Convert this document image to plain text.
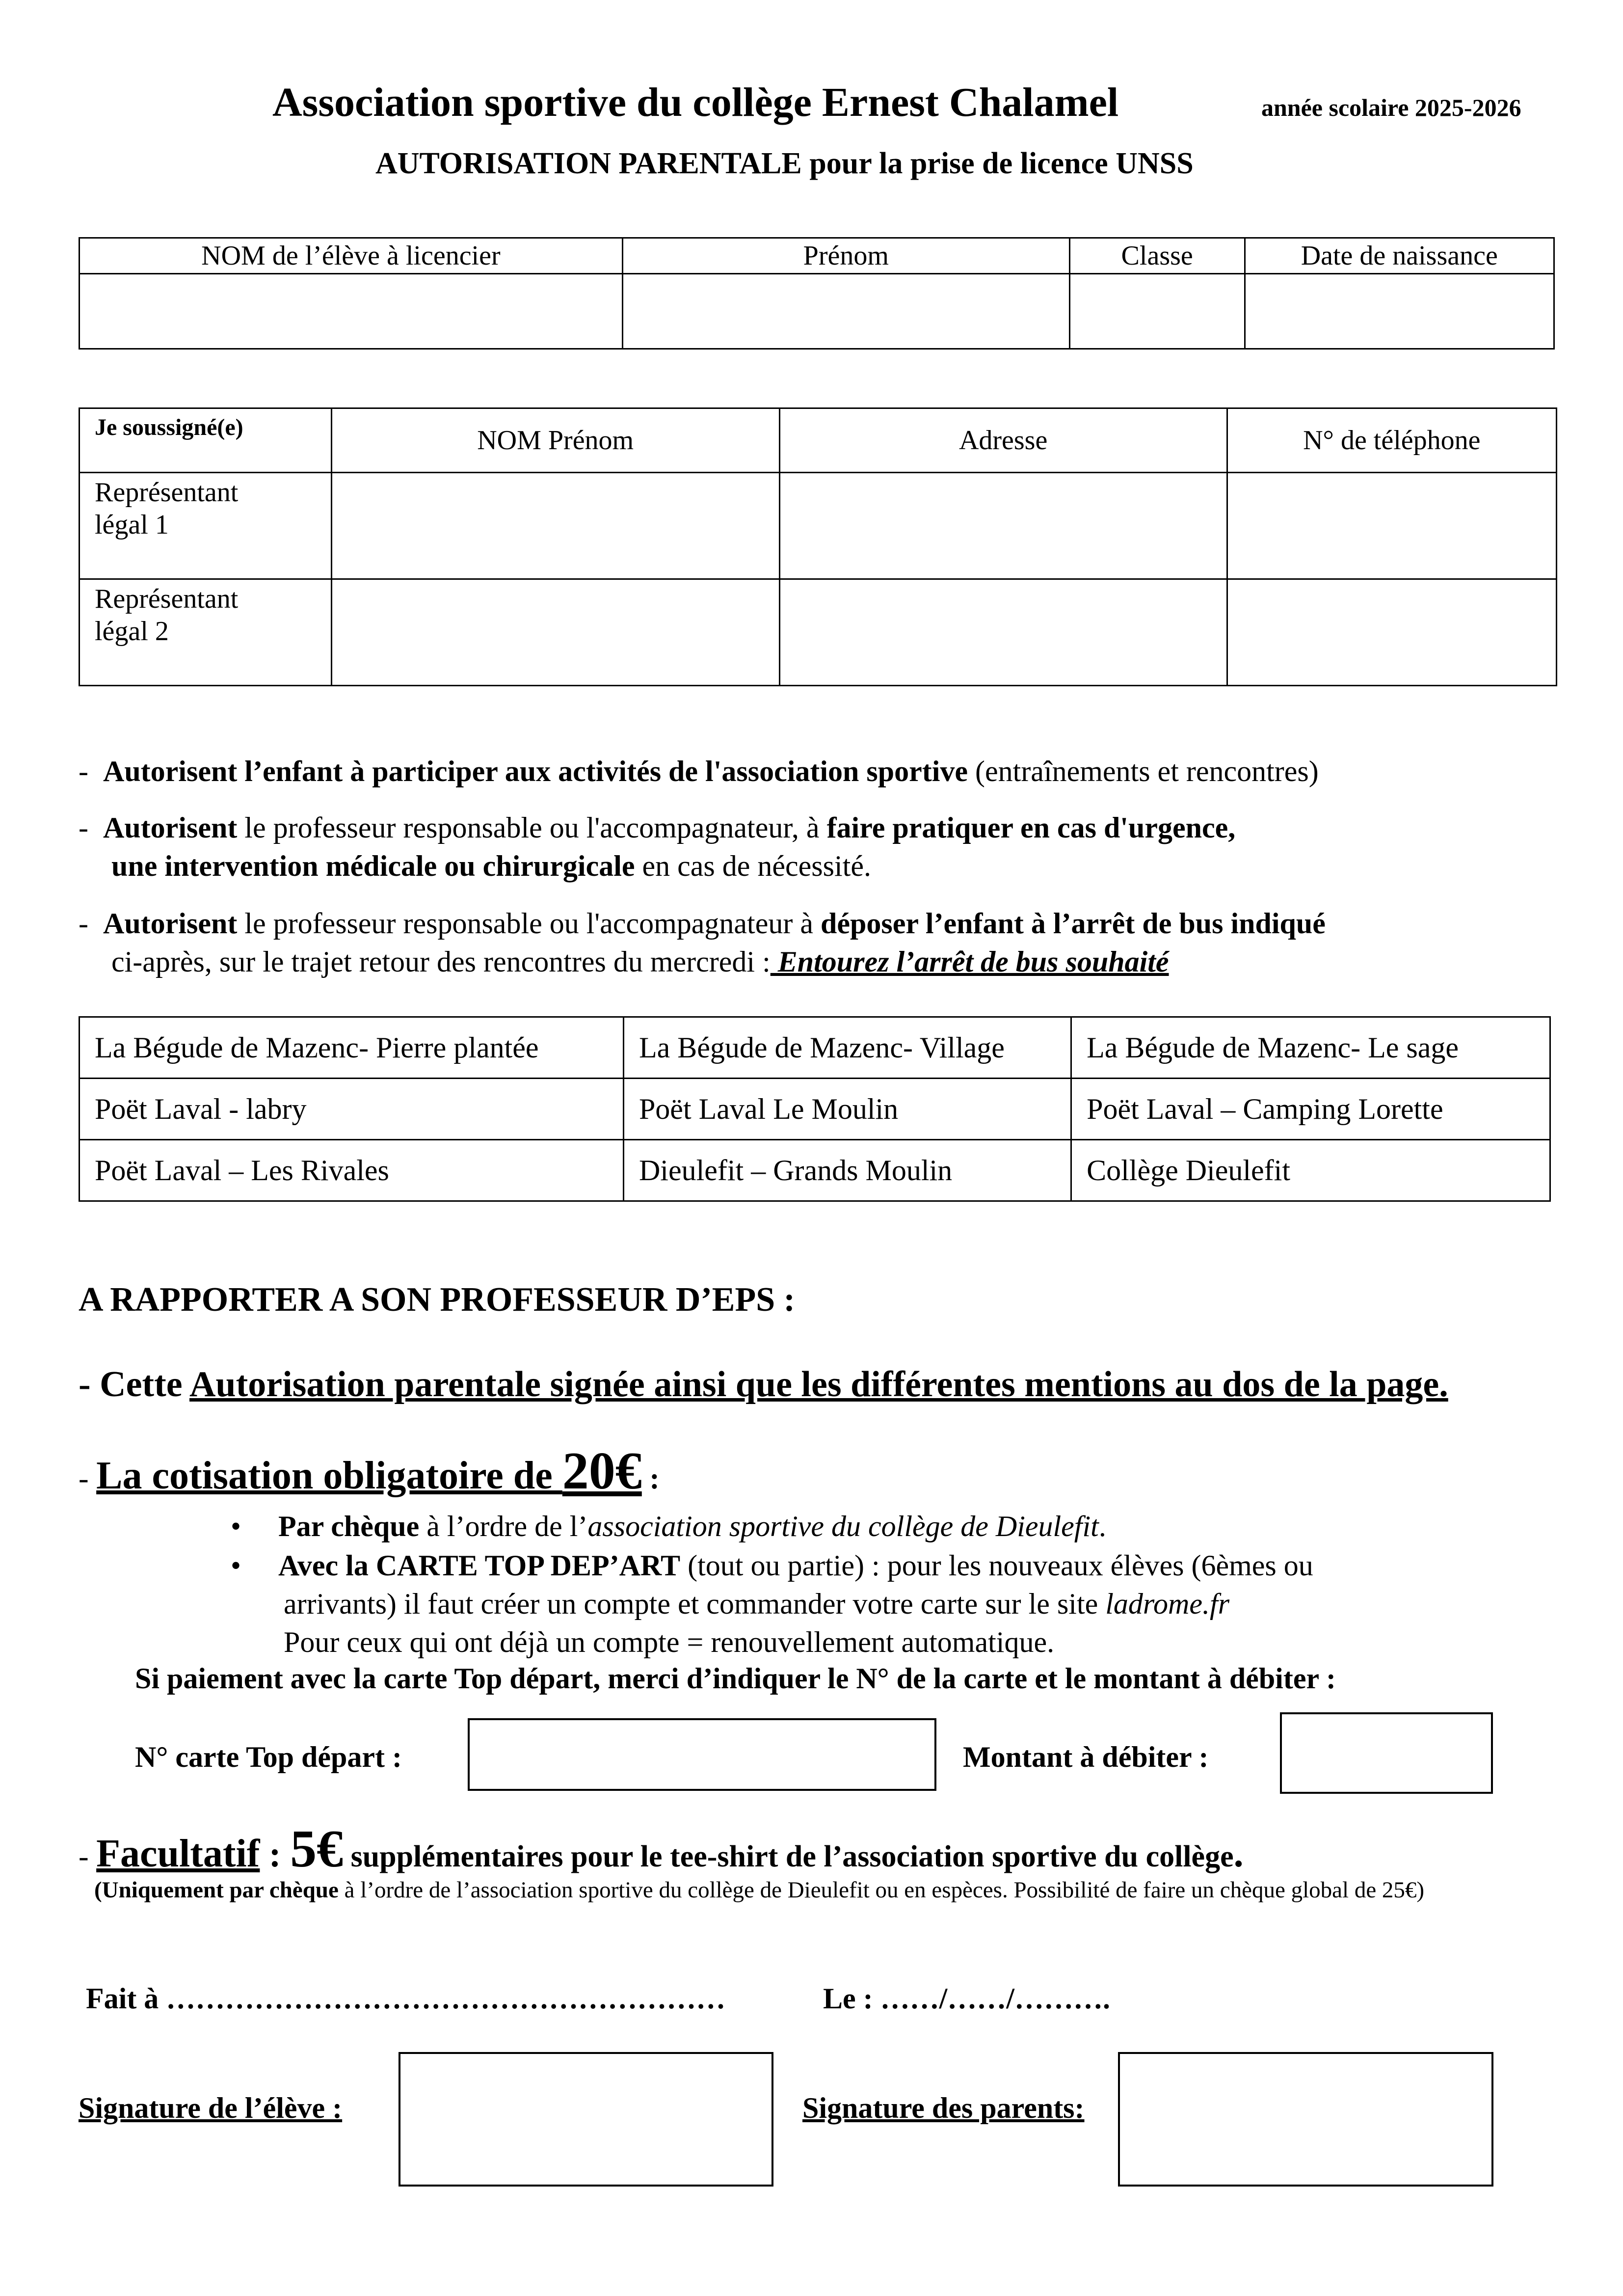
Association sportive du collège Ernest Chalamel	année scolaire 2025-2026
AUTORISATION PARENTALE pour la prise de licence UNSS
NOM de l’élève à licencier	Prénom	Classe	Date de naissance

Je soussigné(e)	NOM Prénom	Adresse	N° de téléphone

Représentant
légal 1			

Représentant
légal 2			

-  Autorisent l’enfant à participer aux activités de l'association sportive (entraînements et rencontres)
-  Autorisent le professeur responsable ou l'accompagnateur, à faire pratiquer en cas d'urgence,
une intervention médicale ou chirurgicale en cas de nécessité.
-  Autorisent le professeur responsable ou l'accompagnateur à déposer l’enfant à l’arrêt de bus indiqué
ci-après, sur le trajet retour des rencontres du mercredi : Entourez l’arrêt de bus souhaité
La Bégude de Mazenc- Pierre plantée	La Bégude de Mazenc- Village	La Bégude de Mazenc- Le sage
Poët Laval - labry	Poët Laval Le Moulin	Poët Laval – Camping Lorette
Poët Laval – Les Rivales	Dieulefit – Grands Moulin	Collège Dieulefit
A RAPPORTER A SON PROFESSEUR D’EPS :
- Cette Autorisation parentale signée ainsi que les différentes mentions au dos de la page.
- La cotisation obligatoire de 20€ :
• Par chèque à l’ordre de l’association sportive du collège de Dieulefit.
• Avec la CARTE TOP DEP’ART (tout ou partie) : pour les nouveaux élèves (6èmes ou
arrivants) il faut créer un compte et commander votre carte sur le site ladrome.fr
Pour ceux qui ont déjà un compte = renouvellement automatique.
Si paiement avec la carte Top départ, merci d’indiquer le N° de la carte et le montant à débiter :
N° carte Top départ :	Montant à débiter :
- Facultatif : 5€ supplémentaires pour le tee-shirt de l’association sportive du collège.
(Uniquement par chèque à l’ordre de l’association sportive du collège de Dieulefit ou en espèces. Possibilité de faire un chèque global de 25€)
Fait à …………………………………………………	Le : ……/……/……….
Signature de l’élève :	Signature des parents:
